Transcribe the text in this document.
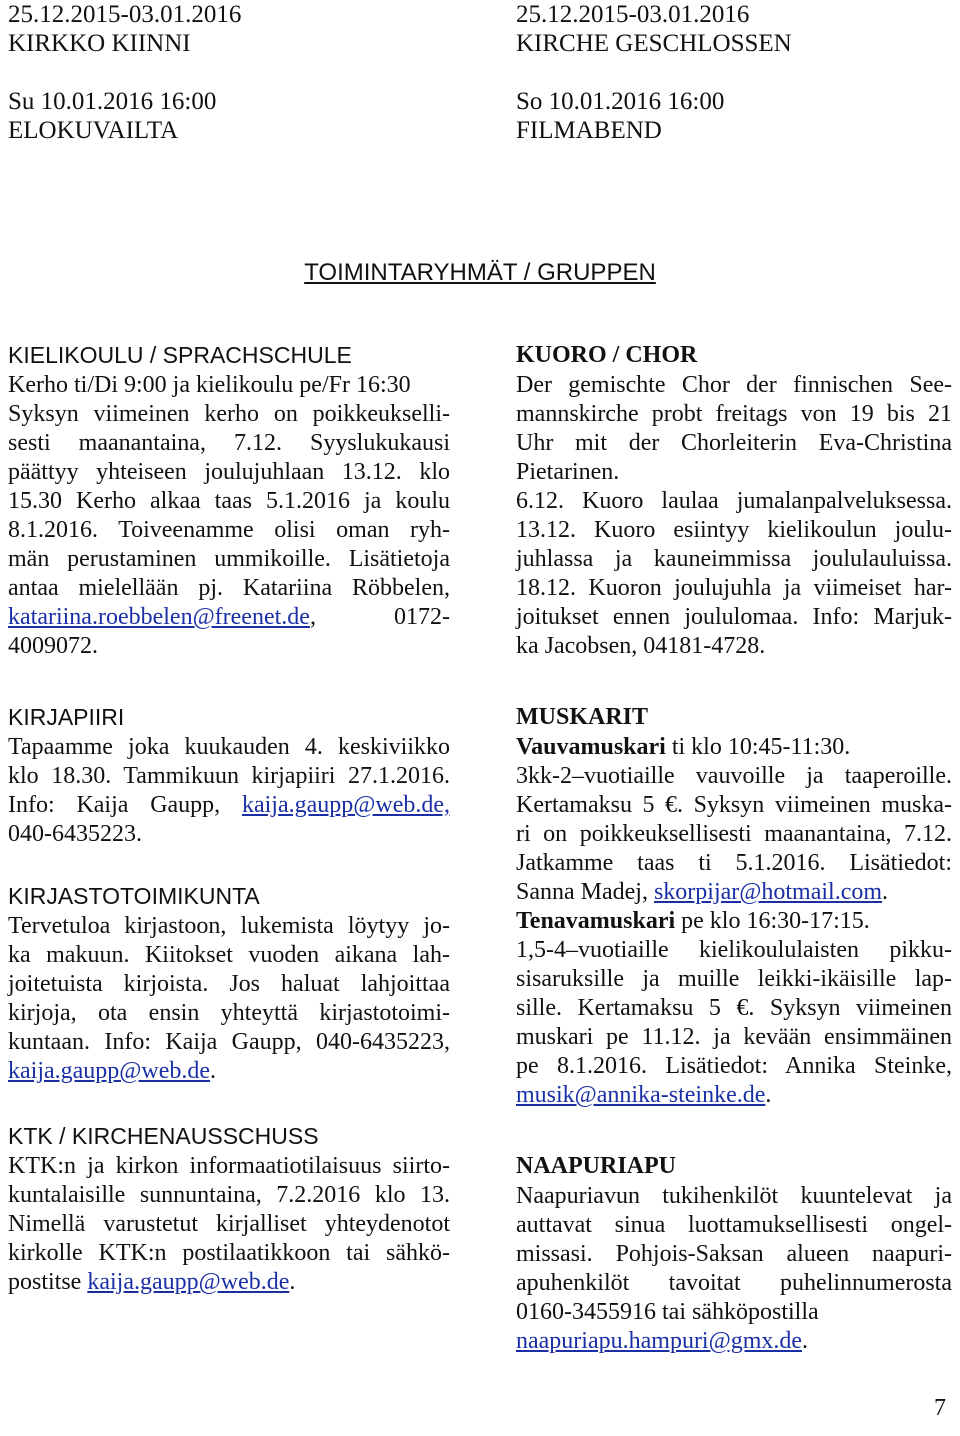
25.12.2015-03.01.2016
KIRKKO KIINNI
Su 10.01.2016 16:00
ELOKUVAILTA
25.12.2015-03.01.2016
KIRCHE GESCHLOSSEN
So 10.01.2016 16:00
FILMABEND
TOIMINTARYHMÄT / GRUPPEN
KIELIKOULU / SPRACHSCHULE
Kerho ti/Di 9:00 ja kielikoulu pe/Fr 16:30
Syksyn viimeinen kerho on poikkeukselli-
sesti maanantaina, 7.12. Syyslukukausi
päättyy yhteiseen joulujuhlaan 13.12. klo
15.30 Kerho alkaa taas 5.1.2016 ja koulu
8.1.2016. Toiveenamme olisi oman ryh-
män perustaminen ummikoille. Lisätietoja
antaa mielellään pj. Katariina Röbbelen,
katariina.roebbelen@freenet.de, 0172-
4009072.
KIRJAPIIRI
Tapaamme joka kuukauden 4. keskiviikko
klo 18.30. Tammikuun kirjapiiri 27.1.2016.
Info: Kaija Gaupp, kaija.gaupp@web.de,
040-6435223.
KIRJASTOTOIMIKUNTA
Tervetuloa kirjastoon, lukemista löytyy jo-
ka makuun. Kiitokset vuoden aikana lah-
joitetuista kirjoista. Jos haluat lahjoittaa
kirjoja, ota ensin yhteyttä kirjastotoimi-
kuntaan. Info: Kaija Gaupp, 040-6435223,
kaija.gaupp@web.de.
KTK / KIRCHENAUSSCHUSS
KTK:n ja kirkon informaatiotilaisuus siirto-
kuntalaisille sunnuntaina, 7.2.2016 klo 13.
Nimellä varustetut kirjalliset yhteydenotot
kirkolle KTK:n postilaatikkoon tai sähkö-
postitse kaija.gaupp@web.de.
KUORO / CHOR
Der gemischte Chor der finnischen See-
mannskirche probt freitags von 19 bis 21
Uhr mit der Chorleiterin Eva-Christina
Pietarinen.
6.12. Kuoro laulaa jumalanpalveluksessa.
13.12. Kuoro esiintyy kielikoulun joulu-
juhlassa ja kauneimmissa joululauluissa.
18.12. Kuoron joulujuhla ja viimeiset har-
joitukset ennen joululomaa. Info: Marjuk-
ka Jacobsen, 04181-4728.
MUSKARIT
Vauvamuskari ti klo 10:45-11:30.
3kk-2–vuotiaille vauvoille ja taaperoille.
Kertamaksu 5 €. Syksyn viimeinen muska-
ri on poikkeuksellisesti maanantaina, 7.12.
Jatkamme taas ti 5.1.2016. Lisätiedot:
Sanna Madej, skorpijar@hotmail.com.
Tenavamuskari pe klo 16:30-17:15.
1,5-4–vuotiaille kielikoululaisten pikku-
sisaruksille ja muille leikki-ikäisille lap-
sille. Kertamaksu 5 €. Syksyn viimeinen
muskari pe 11.12. ja kevään ensimmäinen
pe 8.1.2016. Lisätiedot: Annika Steinke,
musik@annika-steinke.de.
NAAPURIAPU
Naapuriavun tukihenkilöt kuuntelevat ja
auttavat sinua luottamuksellisesti ongel-
missasi. Pohjois-Saksan alueen naapuri-
apuhenkilöt tavoitat puhelinnumerosta
0160-3455916 tai sähköpostilla
naapuriapu.hampuri@gmx.de.
7
